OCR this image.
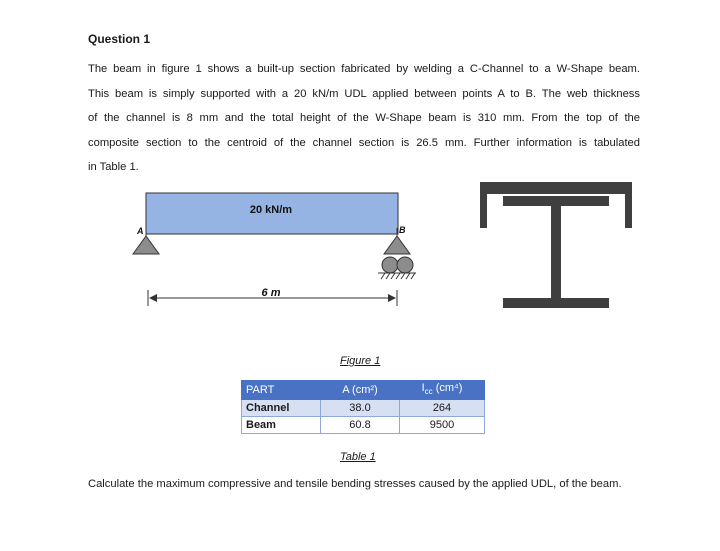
Question 1
The beam in figure 1 shows a built-up section fabricated by welding a C-Channel to a W-Shape beam.
This beam is simply supported with a 20 kN/m UDL applied between points A to B. The web thickness
of the channel is 8 mm and the total height of the W-Shape beam is 310 mm. From the top of the
composite section to the centroid of the channel section is 26.5 mm. Further information is tabulated
in Table 1.
20 kN/m
A	B
6 m
Figure 1
PART	A (cm²)	$I_{cc}$ (cm⁴)
Channel	38.0	264
Beam	60.8	9500
Table 1
Calculate the maximum compressive and tensile bending stresses caused by the applied UDL, of the beam.
